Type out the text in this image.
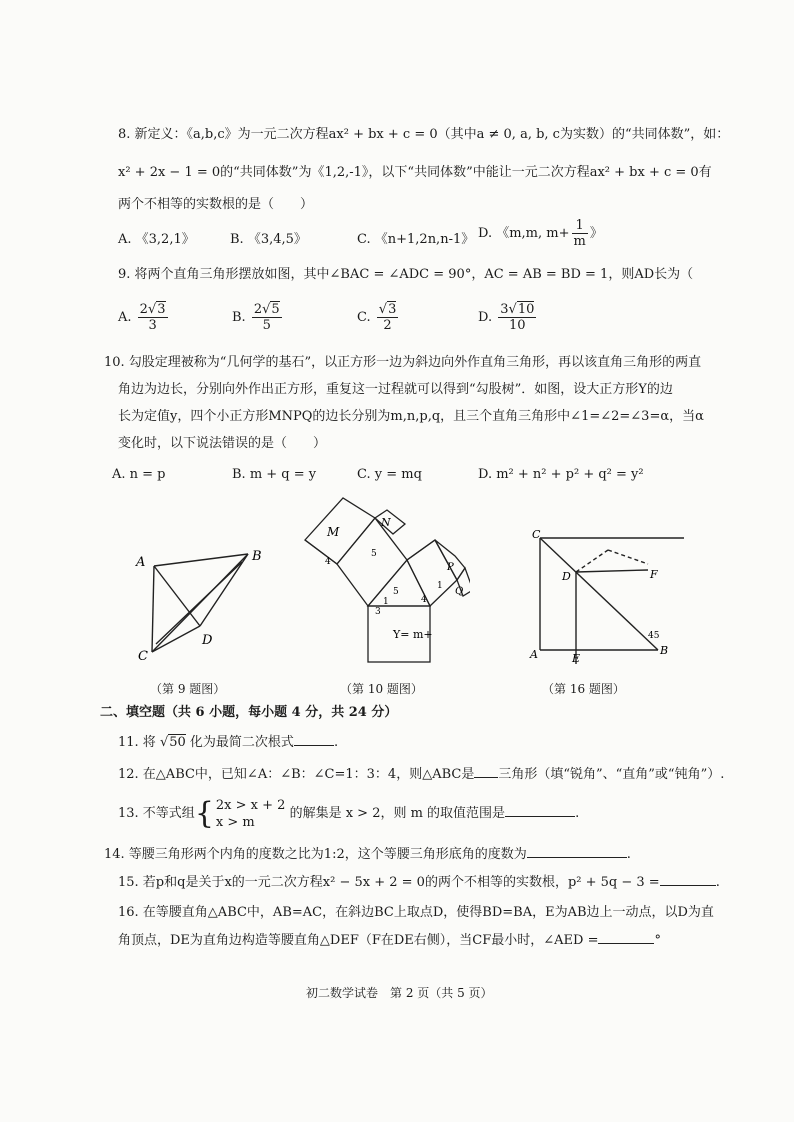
8. 新定义：《a,b,c》为一元二次方程ax² + bx + c = 0（其中a ≠ 0, a, b, c为实数）的“共同体数”，如：
x² + 2x − 1 = 0的“共同体数”为《1,2,-1》，以下“共同体数”中能让一元二次方程ax² + bx + c = 0有
两个不相等的实数根的是（　　）
A. 《3,2,1》	B. 《3,4,5》	C. 《n+1,2n,n-1》 D. 《m,m, $m+ \frac{1}{m}$ 》
9. 将两个直角三角形摆放如图，其中∠BAC = ∠ADC = 90°，AC = AB = BD = 1，则AD长为（
A. $\frac{2√3}{3}$	B. $\frac{2√5}{5}$	C. $\frac{√3}{2}$	D. $\frac{3√10}{10}$
10. 勾股定理被称为“几何学的基石”，以正方形一边为斜边向外作直角三角形，再以该直角三角形的两直
角边为边长，分别向外作出正方形，重复这一过程就可以得到“勾股树”．如图，设大正方形Y的边
长为定值y，四个小正方形MNPQ的边长分别为m,n,p,q，且三个直角三角形中∠1=∠2=∠3=α，当α
变化时，以下说法错误的是（　　）
A. n = p	B. m + q = y	C. y = mq	D. m² + n² + p² + q² = y²
A	B
C
D
（第 9 题图）
M
N
P
Q
Y= m+
5
5
4
1
1
4
3
（第 10 题图）
C
D	F
A	E
B
45
（第 16 题图）
二、填空题（共 6 小题，每小题 4 分，共 24 分）
11. 将 √50 化为最简二次根式	.
12. 在△ABC中，已知∠A：∠B：∠C=1：3：4，则△ABC是 三角形（填“锐角”、“直角”或“钝角”）.
13. 不等式组{ 2x > x + 2
x > m
的解集是 x > 2，则 m 的取值范围是	.
14. 等腰三角形两个内角的度数之比为1:2，这个等腰三角形底角的度数为	.
15. 若p和q是关于x的一元二次方程x² − 5x + 2 = 0的两个不相等的实数根，p² + 5q − 3 =	.
16. 在等腰直角△ABC中，AB=AC，在斜边BC上取点D，使得BD=BA，E为AB边上一动点，以D为直
角顶点，DE为直角边构造等腰直角△DEF（F在DE右侧），当CF最小时，∠AED =	°
初二数学试卷　第 2 页（共 5 页）
